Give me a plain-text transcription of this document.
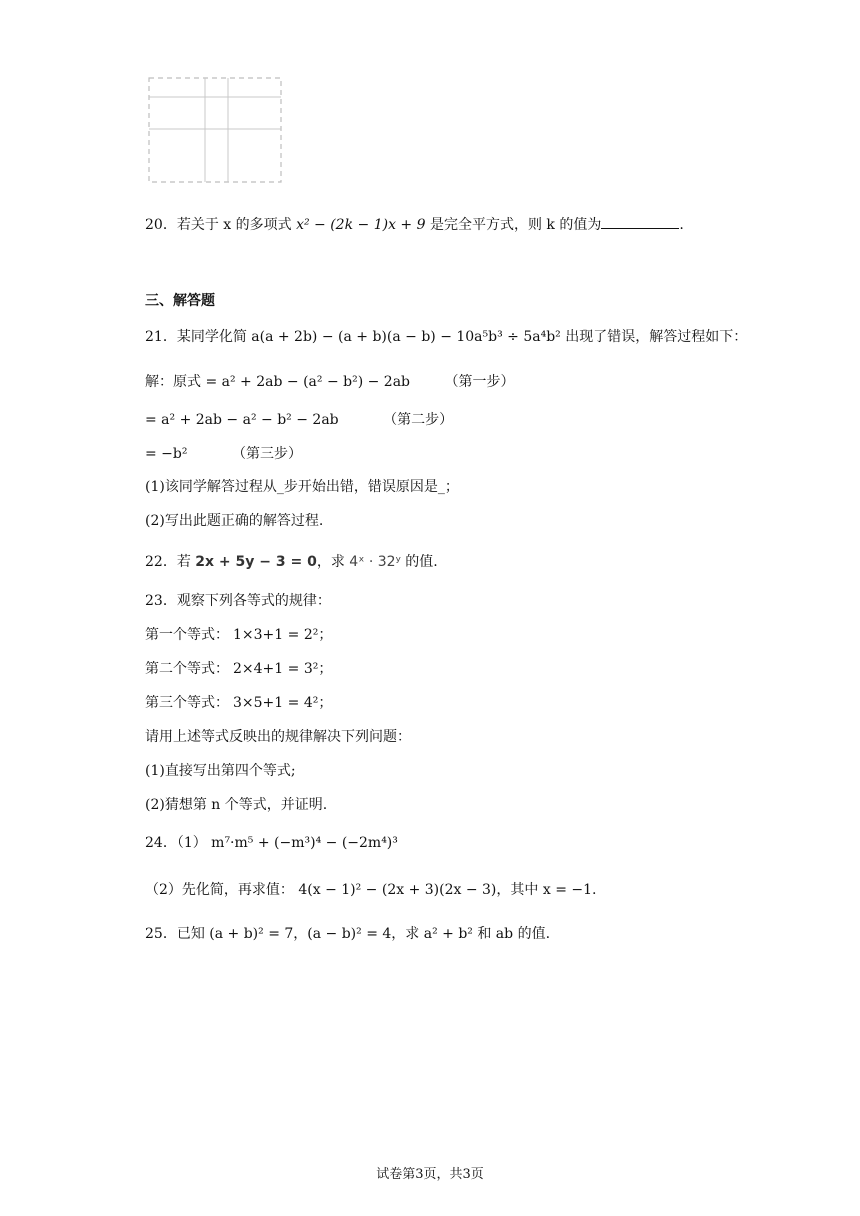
20．若关于 x 的多项式 x² − (2k − 1)x + 9 是完全平方式，则 k 的值为	.
三、解答题
21．某同学化简 a(a + 2b) − (a + b)(a − b) − 10a⁵b³ ÷ 5a⁴b² 出现了错误，解答过程如下：
解：原式 = a² + 2ab − (a² − b²) − 2ab （第一步）
= a² + 2ab − a² − b² − 2ab	（第二步）
= −b²	（第三步）
(1)该同学解答过程从_步开始出错，错误原因是_；
(2)写出此题正确的解答过程.
22．若 2x + 5y − 3 = 0，求 4ˣ · 32ʸ 的值.
23．观察下列各等式的规律：
第一个等式： 1×3+1 = 2²；
第二个等式： 2×4+1 = 3²；
第三个等式： 3×5+1 = 4²；
请用上述等式反映出的规律解决下列问题：
(1)直接写出第四个等式;
(2)猜想第 n 个等式，并证明.
24．（1） m⁷·m⁵ + (−m³)⁴ − (−2m⁴)³
（2）先化简，再求值： 4(x − 1)² − (2x + 3)(2x − 3)，其中 x = −1.
25．已知 (a + b)² = 7，(a − b)² = 4，求 a² + b² 和 ab 的值.
试卷第3页，共3页
